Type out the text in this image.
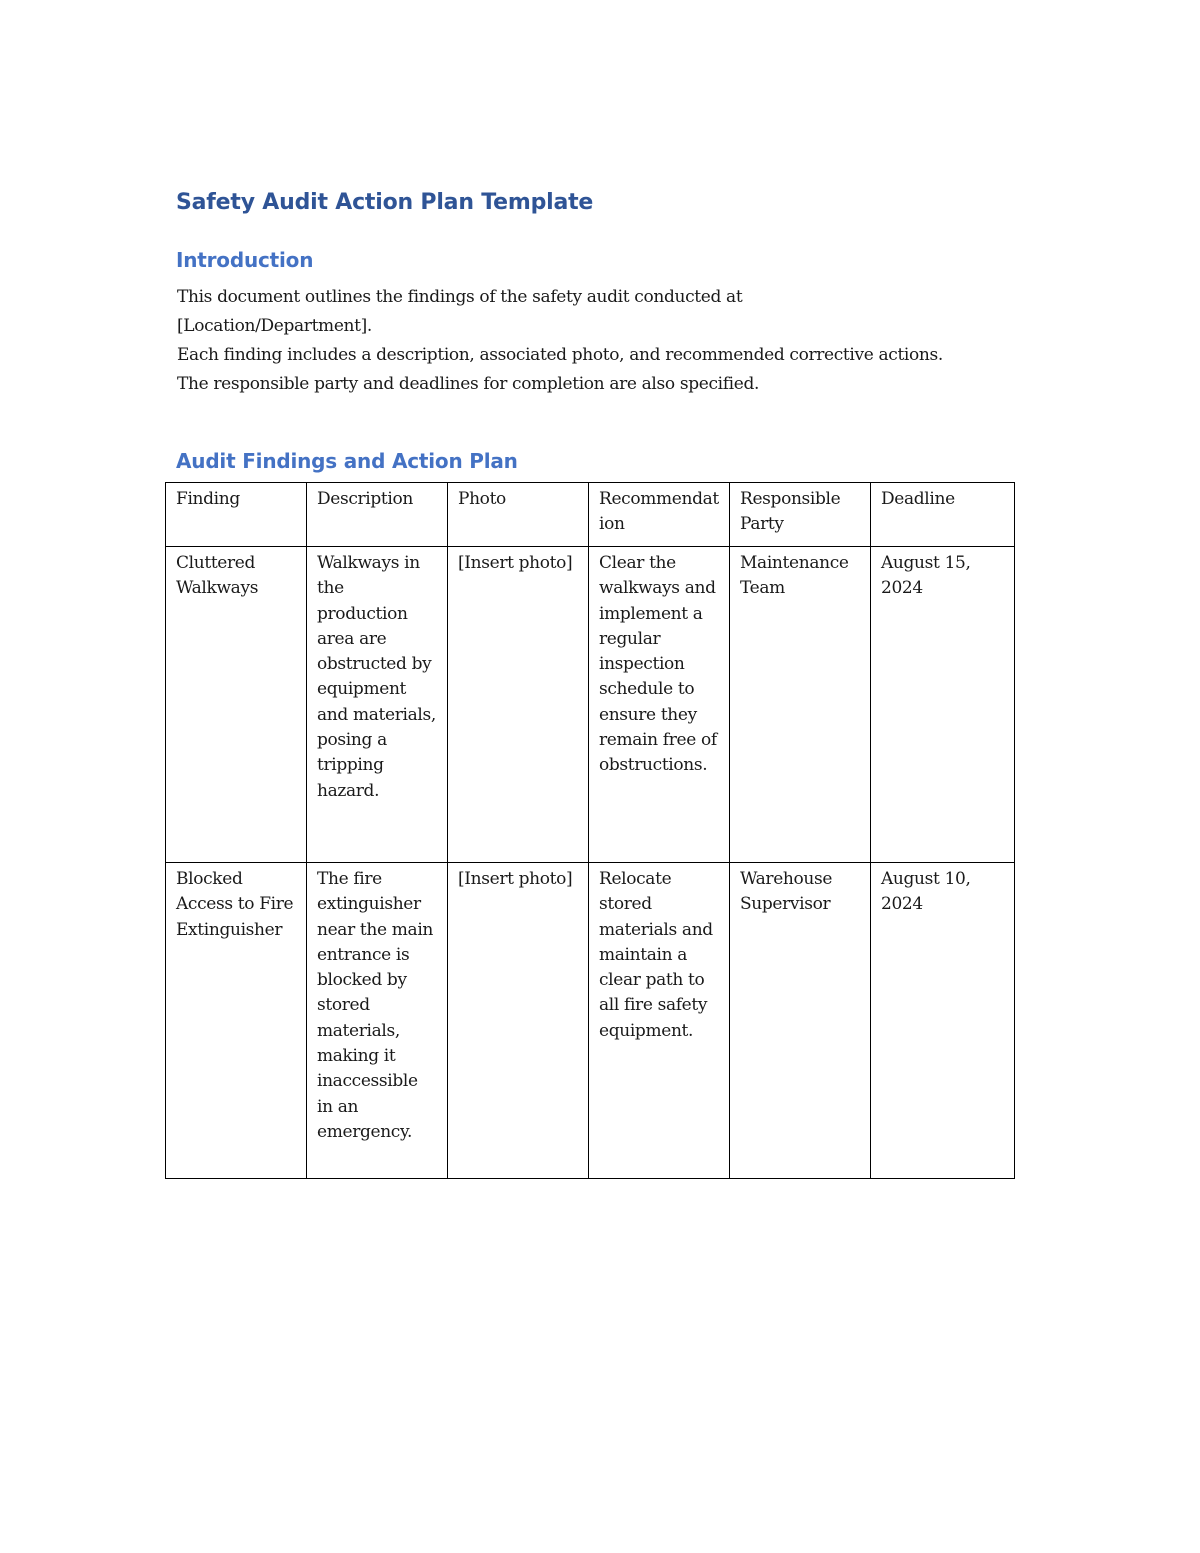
Safety Audit Action Plan Template
Introduction
This document outlines the findings of the safety audit conducted at
[Location/Department].
Each finding includes a description, associated photo, and recommended corrective actions.
The responsible party and deadlines for completion are also specified.
Audit Findings and Action Plan
Finding	Description	Photo	Recommendation	Responsible Party	Deadline
Cluttered Walkways	Walkways in the production area are obstructed by equipment and materials, posing a tripping hazard.	[Insert photo]	Clear the walkways and implement a regular inspection schedule to ensure they remain free of obstructions.	Maintenance Team	August 15, 2024
Blocked Access to Fire Extinguisher	The fire extinguisher near the main entrance is blocked by stored materials, making it inaccessible in an emergency.	[Insert photo]	Relocate stored materials and maintain a clear path to all fire safety equipment.	Warehouse Supervisor	August 10, 2024
